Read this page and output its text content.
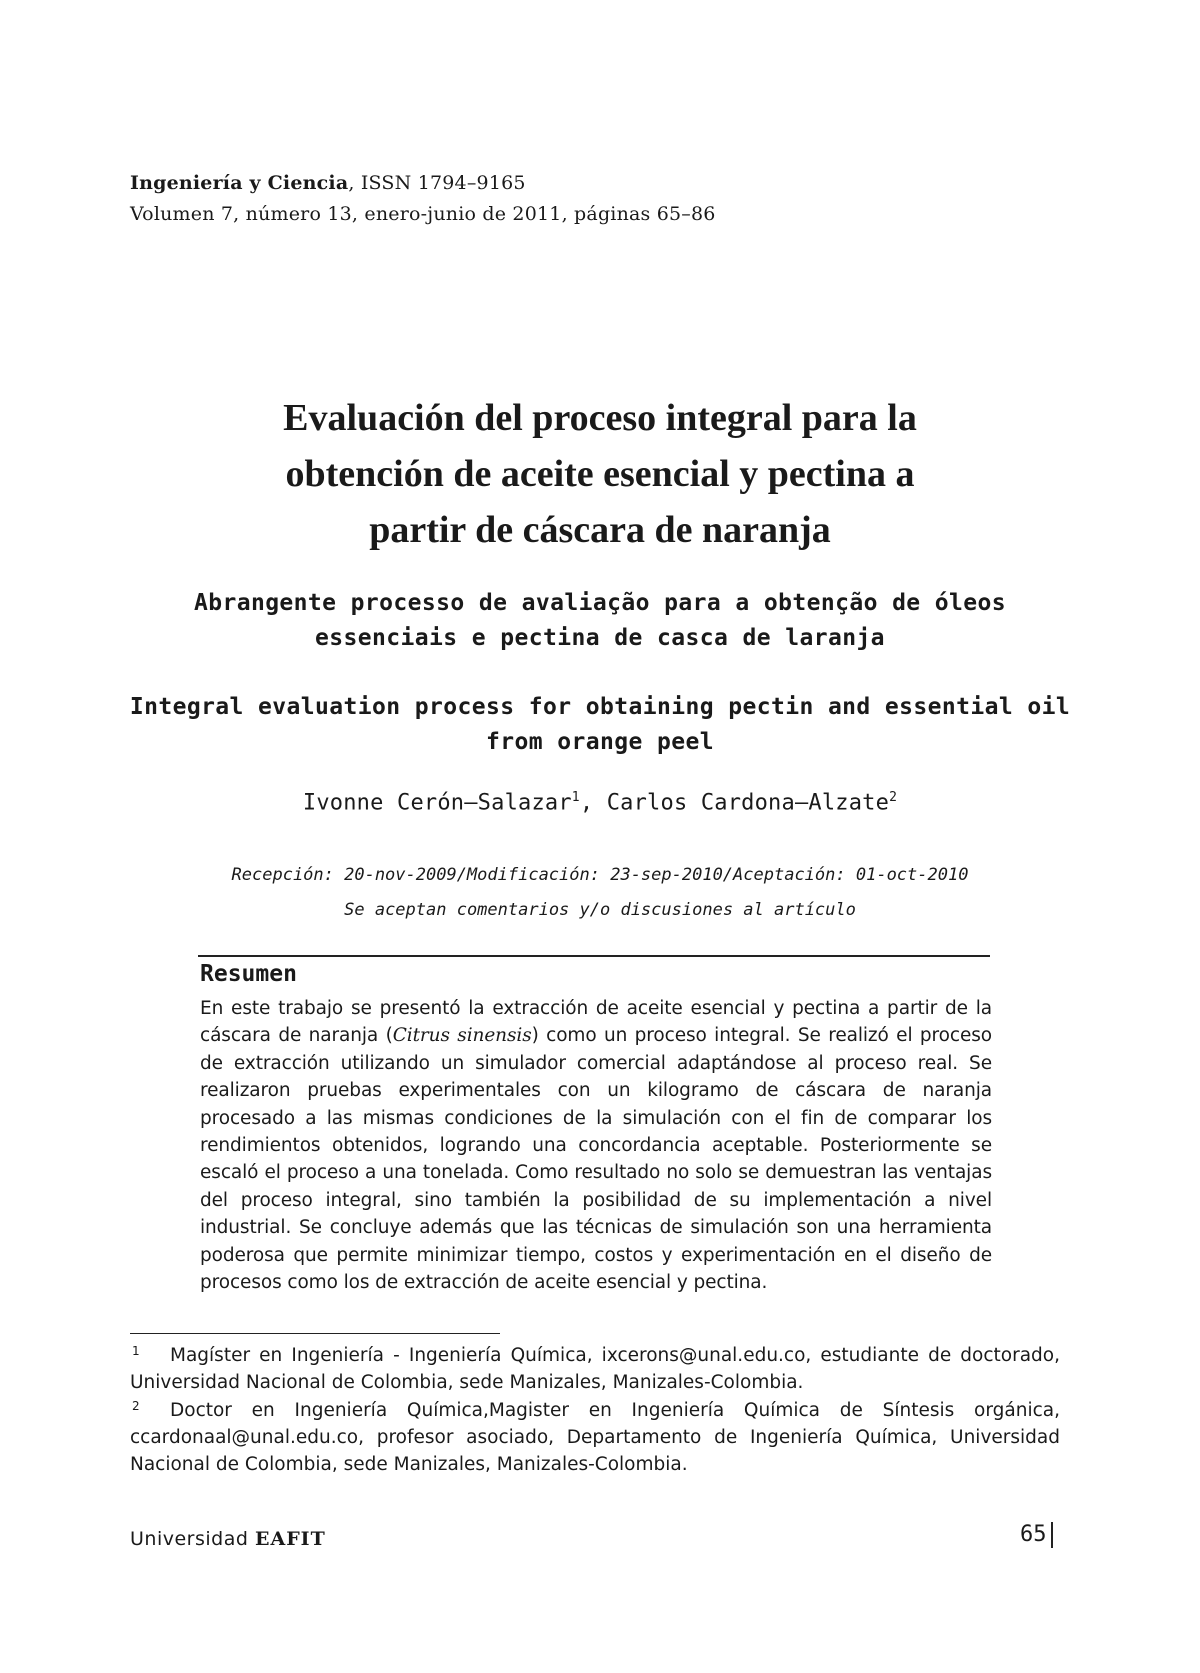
Ingeniería y Ciencia, ISSN 1794–9165
Volumen 7, número 13, enero-junio de 2011, páginas 65–86
Evaluación del proceso integral para la
obtención de aceite esencial y pectina a
partir de cáscara de naranja
Abrangente processo de avaliação para a obtenção de óleos
essenciais e pectina de casca de laranja
Integral evaluation process for obtaining pectin and essential oil
from orange peel
Ivonne Cerón–Salazar$^1$, Carlos Cardona–Alzate$^2$
Recepción: 20-nov-2009/Modificación: 23-sep-2010/Aceptación: 01-oct-2010
Se aceptan comentarios y/o discusiones al artículo
Resumen
En este trabajo se presentó la extracción de aceite esencial y pectina a partir de la cáscara de naranja (Citrus sinensis) como un proceso integral. Se realizó el proceso de extracción utilizando un simulador comercial adaptándose al proceso real. Se realizaron pruebas experimentales con un kilogramo de cáscara de naranja procesado a las mismas condiciones de la simulación con el fin de comparar los rendimientos obtenidos, logrando una concordancia aceptable. Posteriormente se escaló el proceso a una tonelada. Como resultado no solo se demuestran las ventajas del proceso integral, sino también la posibilidad de su implementación a nivel industrial. Se concluye además que las técnicas de simulación son una herramienta poderosa que permite minimizar tiempo, costos y experimentación en el diseño de procesos como los de extracción de aceite esencial y pectina.
1	Magíster en Ingeniería - Ingeniería Química, ixcerons@unal.edu.co, estudiante de doctorado, Universidad Nacional de Colombia, sede Manizales, Manizales-Colombia.
2	Doctor en Ingeniería Química,Magister en Ingeniería Química de Síntesis orgánica, ccardonaal@unal.edu.co, profesor asociado, Departamento de Ingeniería Química, Universidad Nacional de Colombia, sede Manizales, Manizales-Colombia.
Universidad EAFIT	65
